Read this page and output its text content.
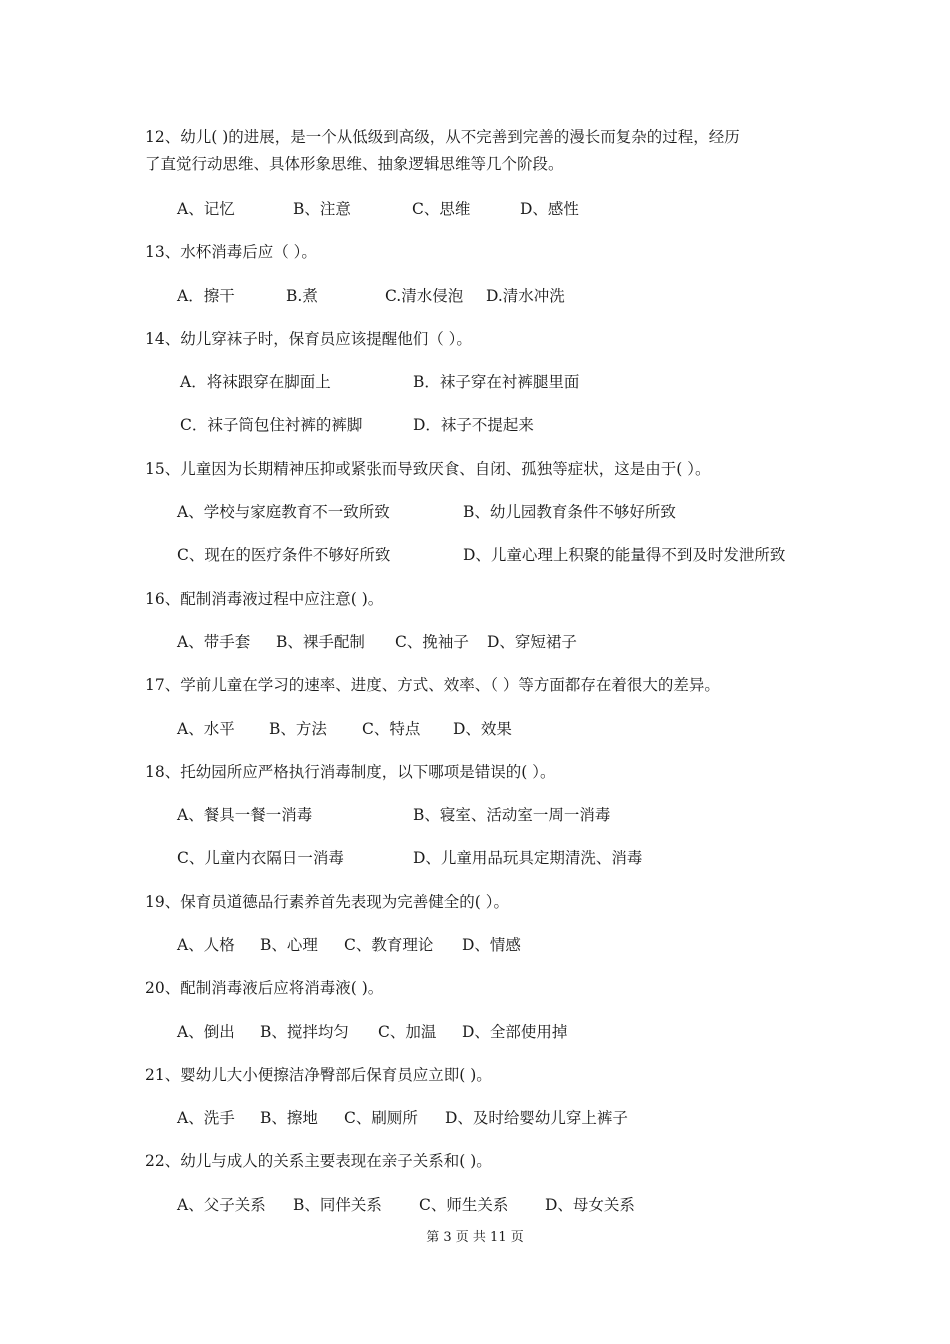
12、幼儿( )的进展，是一个从低级到高级，从不完善到完善的漫长而复杂的过程，经历
了直觉行动思维、具体形象思维、抽象逻辑思维等几个阶段。
A、记忆	B、注意	C、思维	D、感性
13、水杯消毒后应（ ）。
A．擦干	B.煮	C.清水侵泡 D.清水冲洗
14、幼儿穿袜子时，保育员应该提醒他们（ ）。
A．将袜跟穿在脚面上	B．袜子穿在衬裤腿里面
C．袜子筒包住衬裤的裤脚	D．袜子不提起来
15、儿童因为长期精神压抑或紧张而导致厌食、自闭、孤独等症状，这是由于( ）。
A、学校与家庭教育不一致所致	B、幼儿园教育条件不够好所致
C、现在的医疗条件不够好所致	D、儿童心理上积聚的能量得不到及时发泄所致
16、配制消毒液过程中应注意( )。
A、带手套 B、裸手配制 C、挽袖子 D、穿短裙子
17、学前儿童在学习的速率、进度、方式、效率、（ ）等方面都存在着很大的差异。
A、水平 B、方法 C、特点 D、效果
18、托幼园所应严格执行消毒制度，以下哪项是错误的( ）。
A、餐具一餐一消毒	B、寝室、活动室一周一消毒
C、儿童内衣隔日一消毒	D、儿童用品玩具定期清洗、消毒
19、保育员道德品行素养首先表现为完善健全的( ）。
A、人格 B、心理 C、教育理论 D、情感
20、配制消毒液后应将消毒液( )。
A、倒出 B、搅拌均匀 C、加温 D、全部使用掉
21、婴幼儿大小便擦洁净臀部后保育员应立即( )。
A、洗手 B、擦地 C、刷厕所 D、及时给婴幼儿穿上裤子
22、幼儿与成人的关系主要表现在亲子关系和( )。
A、父子关系 B、同伴关系 C、师生关系 D、母女关系
第 3 页 共 11 页
